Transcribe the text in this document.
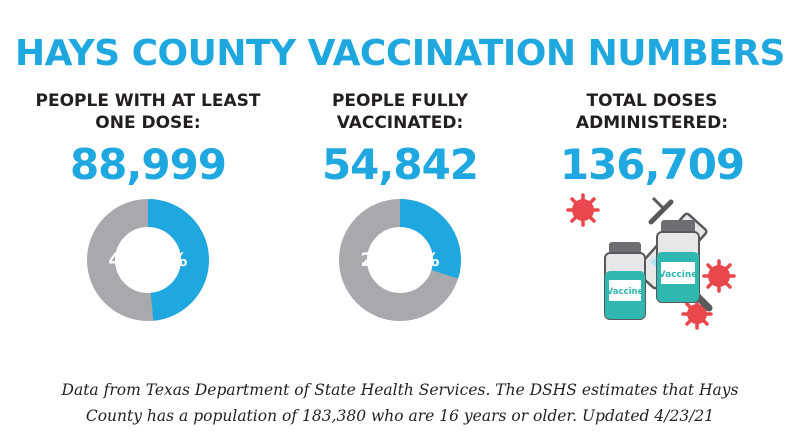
HAYS COUNTY VACCINATION NUMBERS
PEOPLE WITH AT LEAST
ONE DOSE:
88,999
48.53%
PEOPLE FULLY
VACCINATED:
54,842
29.91%
TOTAL DOSES
ADMINISTERED:
136,709
Vaccine
Vaccine
Data from Texas Department of State Health Services. The DSHS estimates that Hays
County has a population of 183,380 who are 16 years or older. Updated 4/23/21
